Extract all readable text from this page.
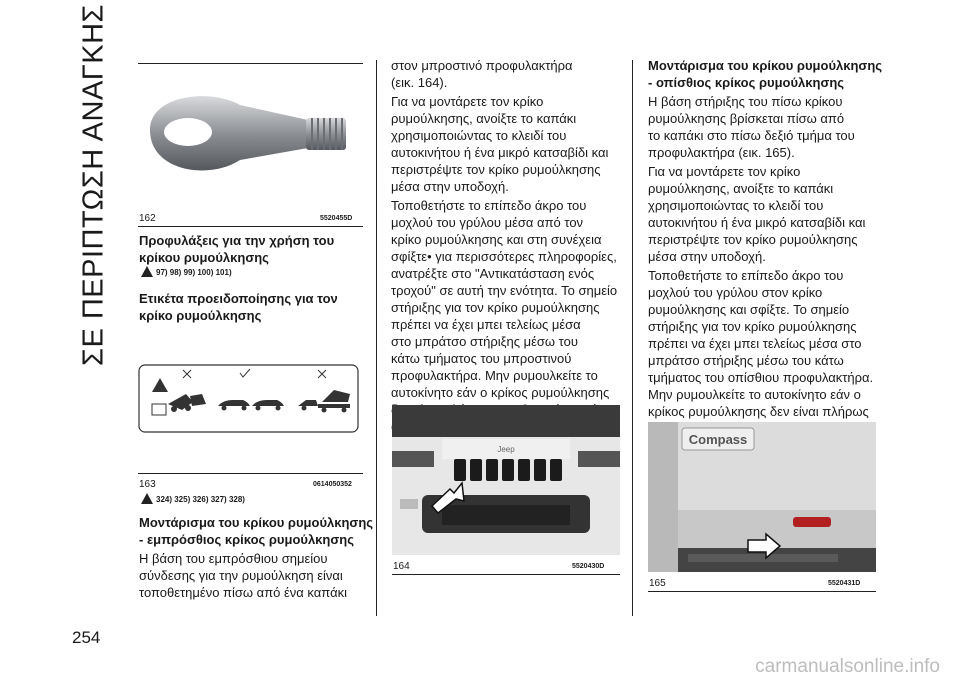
ΣΕ ΠΕΡΙΠΤΩΣΗ ΑΝΑΓΚΗΣ
254
162	5520455D
Προφυλάξεις για την χρήση του
κρίκου ρυμούλκησης
97) 98) 99) 100) 101)
Ετικέτα προειδοποίησης για τον
κρίκο ρυμούλκησης
163	0614050352
324) 325) 326) 327) 328)
Μοντάρισμα του κρίκου ρυμούλκησης
- εμπρόσθιος κρίκος ρυμούλκησης
Η βάση του εμπρόσθιου σημείου
σύνδεσης για την ρυμούλκηση είναι
τοποθετημένο πίσω από ένα καπάκι

στον μπροστινό προφυλακτήρα
(εικ. 164).

Για να μοντάρετε τον κρίκο
ρυμούλκησης, ανοίξτε το καπάκι
χρησιμοποιώντας το κλειδί του
αυτοκινήτου ή ένα μικρό κατσαβίδι και
περιστρέψτε τον κρίκο ρυμούλκησης
μέσα στην υποδοχή.

Τοποθετήστε το επίπεδο άκρο του
μοχλού του γρύλου μέσα από τον
κρίκο ρυμούλκησης και στη συνέχεια
σφίξτε• για περισσότερες πληροφορίες,
ανατρέξτε στο "Αντικατάσταση ενός
τροχού" σε αυτή την ενότητα. Το σημείο
στήριξης για τον κρίκο ρυμούλκησης
πρέπει να έχει μπει τελείως μέσα
στο μπράτσο στήριξης μέσω του
κάτω τμήματος του μπροστινού
προφυλακτήρα. Μην ρυμουλκείτε το
αυτοκίνητο εάν ο κρίκος ρυμούλκησης

Jeep
164	5520430D
Μοντάρισμα του κρίκου ρυμούλκησης
- οπίσθιος κρίκος ρυμούλκησης

Η βάση στήριξης του πίσω κρίκου
ρυμούλκησης βρίσκεται πίσω από
το καπάκι στο πίσω δεξιό τμήμα του
προφυλακτήρα (εικ. 165).

Για να μοντάρετε τον κρίκο
ρυμούλκησης, ανοίξτε το καπάκι
χρησιμοποιώντας το κλειδί του
αυτοκινήτου ή ένα μικρό κατσαβίδι και
περιστρέψτε τον κρίκο ρυμούλκησης
μέσα στην υποδοχή.

Τοποθετήστε το επίπεδο άκρο του
μοχλού του γρύλου στον κρίκο
ρυμούλκησης και σφίξτε. Το σημείο
στήριξης για τον κρίκο ρυμούλκησης
πρέπει να έχει μπει τελείως μέσα στο
μπράτσο στήριξης μέσω του κάτω
τμήματος του οπίσθιου προφυλακτήρα.
Μην ρυμουλκείτε το αυτοκίνητο εάν ο
κρίκος ρυμούλκησης δεν είναι πλήρως

Compass
165	5520431D
carmanualsonline.info
